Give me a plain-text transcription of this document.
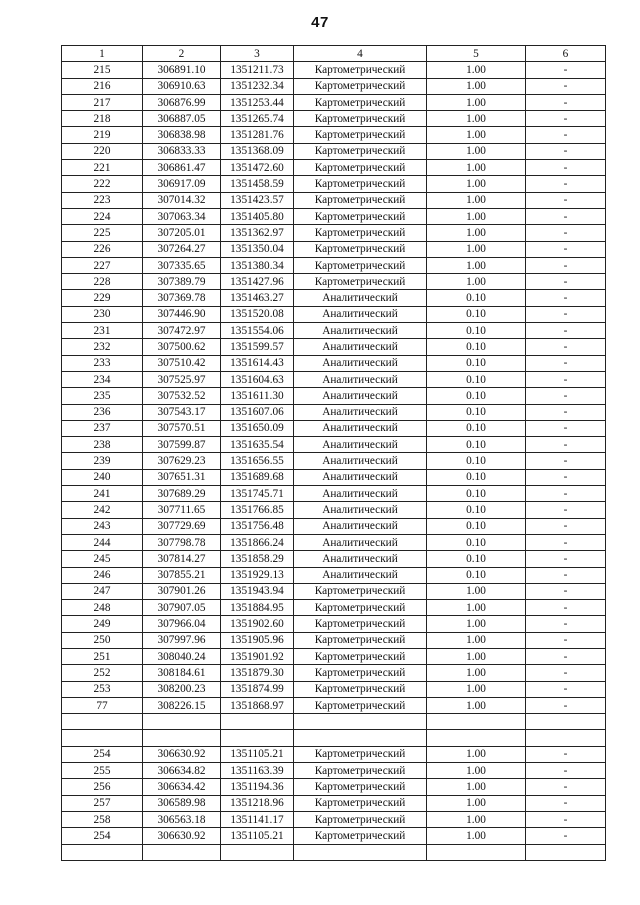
47
1	2	3	4	5	6
215	306891.10	1351211.73	Картометрический	1.00	-
216	306910.63	1351232.34	Картометрический	1.00	-
217	306876.99	1351253.44	Картометрический	1.00	-
218	306887.05	1351265.74	Картометрический	1.00	-
219	306838.98	1351281.76	Картометрический	1.00	-
220	306833.33	1351368.09	Картометрический	1.00	-
221	306861.47	1351472.60	Картометрический	1.00	-
222	306917.09	1351458.59	Картометрический	1.00	-
223	307014.32	1351423.57	Картометрический	1.00	-
224	307063.34	1351405.80	Картометрический	1.00	-
225	307205.01	1351362.97	Картометрический	1.00	-
226	307264.27	1351350.04	Картометрический	1.00	-
227	307335.65	1351380.34	Картометрический	1.00	-
228	307389.79	1351427.96	Картометрический	1.00	-
229	307369.78	1351463.27	Аналитический	0.10	-
230	307446.90	1351520.08	Аналитический	0.10	-
231	307472.97	1351554.06	Аналитический	0.10	-
232	307500.62	1351599.57	Аналитический	0.10	-
233	307510.42	1351614.43	Аналитический	0.10	-
234	307525.97	1351604.63	Аналитический	0.10	-
235	307532.52	1351611.30	Аналитический	0.10	-
236	307543.17	1351607.06	Аналитический	0.10	-
237	307570.51	1351650.09	Аналитический	0.10	-
238	307599.87	1351635.54	Аналитический	0.10	-
239	307629.23	1351656.55	Аналитический	0.10	-
240	307651.31	1351689.68	Аналитический	0.10	-
241	307689.29	1351745.71	Аналитический	0.10	-
242	307711.65	1351766.85	Аналитический	0.10	-
243	307729.69	1351756.48	Аналитический	0.10	-
244	307798.78	1351866.24	Аналитический	0.10	-
245	307814.27	1351858.29	Аналитический	0.10	-
246	307855.21	1351929.13	Аналитический	0.10	-
247	307901.26	1351943.94	Картометрический	1.00	-
248	307907.05	1351884.95	Картометрический	1.00	-
249	307966.04	1351902.60	Картометрический	1.00	-
250	307997.96	1351905.96	Картометрический	1.00	-
251	308040.24	1351901.92	Картометрический	1.00	-
252	308184.61	1351879.30	Картометрический	1.00	-
253	308200.23	1351874.99	Картометрический	1.00	-
77	308226.15	1351868.97	Картометрический	1.00	-

254	306630.92	1351105.21	Картометрический	1.00	-
255	306634.82	1351163.39	Картометрический	1.00	-
256	306634.42	1351194.36	Картометрический	1.00	-
257	306589.98	1351218.96	Картометрический	1.00	-
258	306563.18	1351141.17	Картометрический	1.00	-
254	306630.92	1351105.21	Картометрический	1.00	-
